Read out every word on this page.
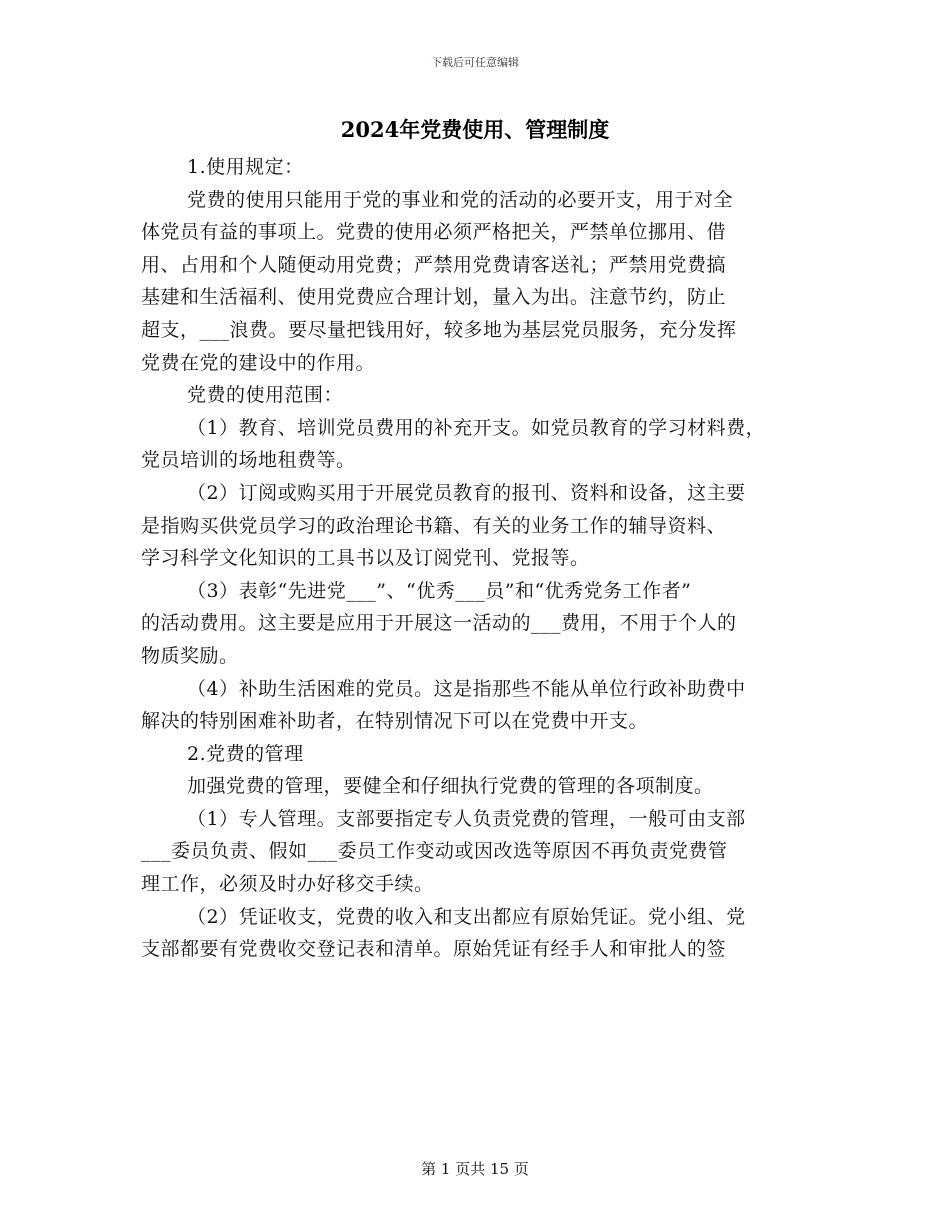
下载后可任意编辑
2024年党费使用、管理制度
1.使用规定：
党费的使用只能用于党的事业和党的活动的必要开支，用于对全
体党员有益的事项上。党费的使用必须严格把关，严禁单位挪用、借
用、占用和个人随便动用党费；严禁用党费请客送礼；严禁用党费搞
基建和生活福利、使用党费应合理计划，量入为出。注意节约，防止
超支，___浪费。要尽量把钱用好，较多地为基层党员服务，充分发挥
党费在党的建设中的作用。
党费的使用范围：
（1）教育、培训党员费用的补充开支。如党员教育的学习材料费，
党员培训的场地租费等。
（2）订阅或购买用于开展党员教育的报刊、资料和设备，这主要
是指购买供党员学习的政治理论书籍、有关的业务工作的辅导资料、
学习科学文化知识的工具书以及订阅党刊、党报等。
（3）表彰“先进党___”、“优秀___员”和“优秀党务工作者”
的活动费用。这主要是应用于开展这一活动的___费用，不用于个人的
物质奖励。
（4）补助生活困难的党员。这是指那些不能从单位行政补助费中
解决的特别困难补助者，在特别情况下可以在党费中开支。
2.党费的管理
加强党费的管理，要健全和仔细执行党费的管理的各项制度。
（1）专人管理。支部要指定专人负责党费的管理，一般可由支部
___委员负责、假如___委员工作变动或因改选等原因不再负责党费管
理工作，必须及时办好移交手续。
（2）凭证收支，党费的收入和支出都应有原始凭证。党小组、党
支部都要有党费收交登记表和清单。原始凭证有经手人和审批人的签
第 1 页共 15 页
